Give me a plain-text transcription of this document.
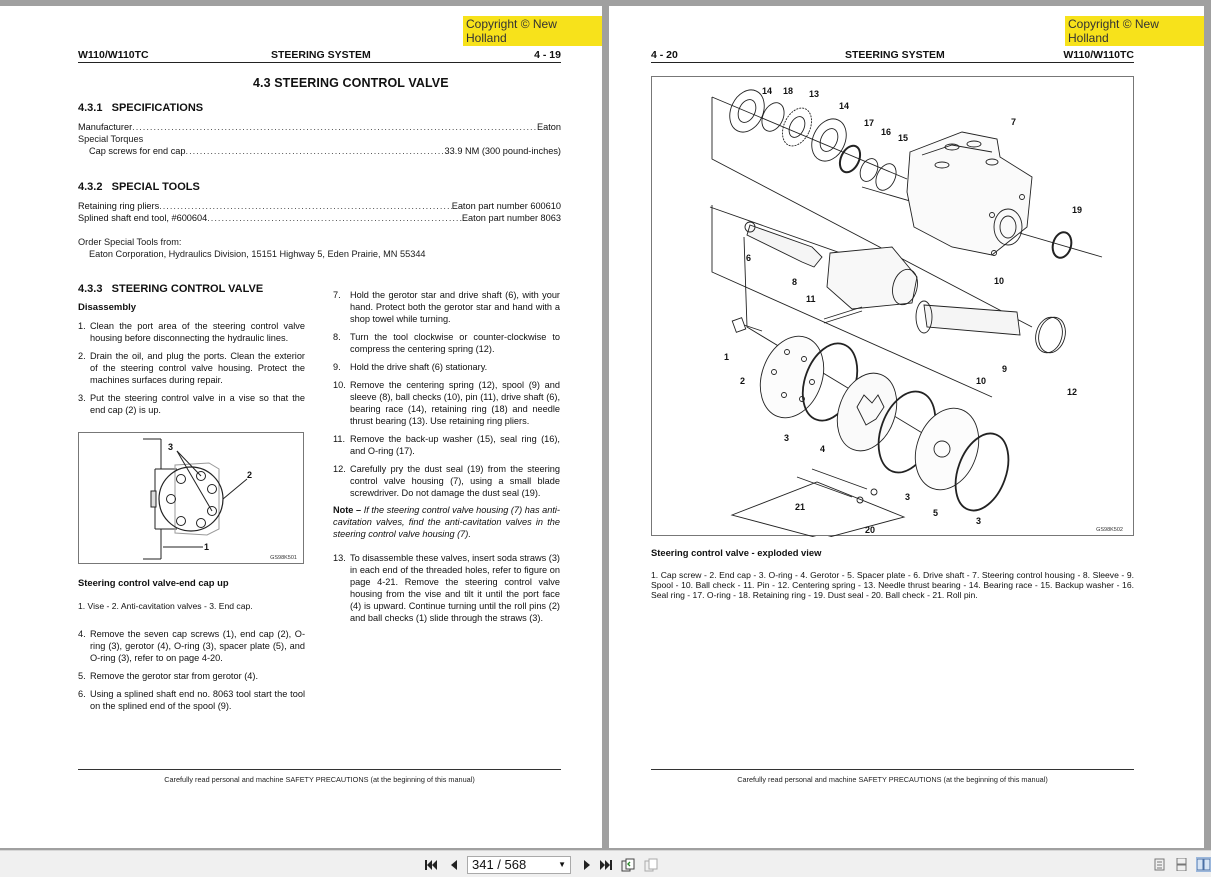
Copyright © New Holland
W110/W110TC	STEERING SYSTEM	4 - 19
4.3 STEERING CONTROL VALVE
4.3.1   SPECIFICATIONS
Manufacturer .....	Eaton
Special Torques
Cap screws for end cap .....	33.9 NM (300 pound-inches)
4.3.2   SPECIAL TOOLS
Retaining ring pliers .....	Eaton part number 600610
Splined shaft end tool, #600604 .....	Eaton part number 8063
Order Special Tools from:
Eaton Corporation, Hydraulics Division, 15151 Highway 5, Eden Prairie, MN 55344
4.3.3   STEERING CONTROL VALVE
Disassembly
1. Clean the port area of the steering control valve housing before disconnecting the hydraulic lines.
2. Drain the oil, and plug the ports. Clean the exterior of the steering control valve housing. Protect the machines surfaces during repair.
3. Put the steering control valve in a vise so that the end cap (2) is up.
3
2
1
GS98K501
Steering control valve-end cap up
1. Vise - 2. Anti-cavitation valves - 3. End cap.
4. Remove the seven cap screws (1), end cap (2), O-ring (3), gerotor (4), O-ring (3), spacer plate (5), and O-ring (3), refer to on page 4-20.
5. Remove the gerotor star from gerotor (4).
6. Using a splined shaft end no. 8063 tool start the tool on the splined end of the spool (9).
7.	Hold the gerotor star and drive shaft (6), with your hand. Protect both the gerotor star and hand with a shop towel while turning.
8.	Turn the tool clockwise or counter-clockwise to compress the centering spring (12).
9.	Hold the drive shaft (6) stationary.
10. Remove the centering spring (12), spool (9) and sleeve (8), ball checks (10), pin (11), drive shaft (6), bearing race (14), retaining ring (18) and needle thrust bearing (13). Use retaining ring pliers.
11. Remove the back-up washer (15), seal ring (16), and O-ring (17).
12. Carefully pry the dust seal (19) from the steering control valve housing (7), using a small blade screwdriver. Do not damage the dust seal (19).
Note – If the steering control valve housing (7) has anti-cavitation valves, find the anti-cavitation valves in the steering control valve housing (7).
13. To disassemble these valves, insert soda straws (3) in each end of the threaded holes, refer to figure on page 4-21. Remove the steering control valve housing from the vise and tilt it until the port face (4) is upward. Continue turning until the roll pins (2) and ball checks (1) slide through the straws (3).
Carefully read personal and machine SAFETY PRECAUTIONS (at the beginning of this manual)
Copyright © New Holland
4 - 20	STEERING SYSTEM	W110/W110TC
14 18 13
14
17
16
15
7
19
6
8
11
10
1
2
9
10
12
3
4
3
5
3
21
20	GS98K502
Steering control valve - exploded view
1. Cap screw - 2. End cap - 3. O-ring - 4. Gerotor - 5. Spacer plate - 6. Drive shaft - 7. Steering control housing - 8. Sleeve - 9. Spool - 10. Ball check - 11. Pin - 12. Centering spring - 13. Needle thrust bearing - 14. Bearing race - 15. Backup washer - 16. Seal ring - 17. O-ring - 18. Retaining ring - 19. Dust seal - 20. Ball check - 21. Roll pin.
Carefully read personal and machine SAFETY PRECAUTIONS (at the beginning of this manual)
341 / 568	▼
